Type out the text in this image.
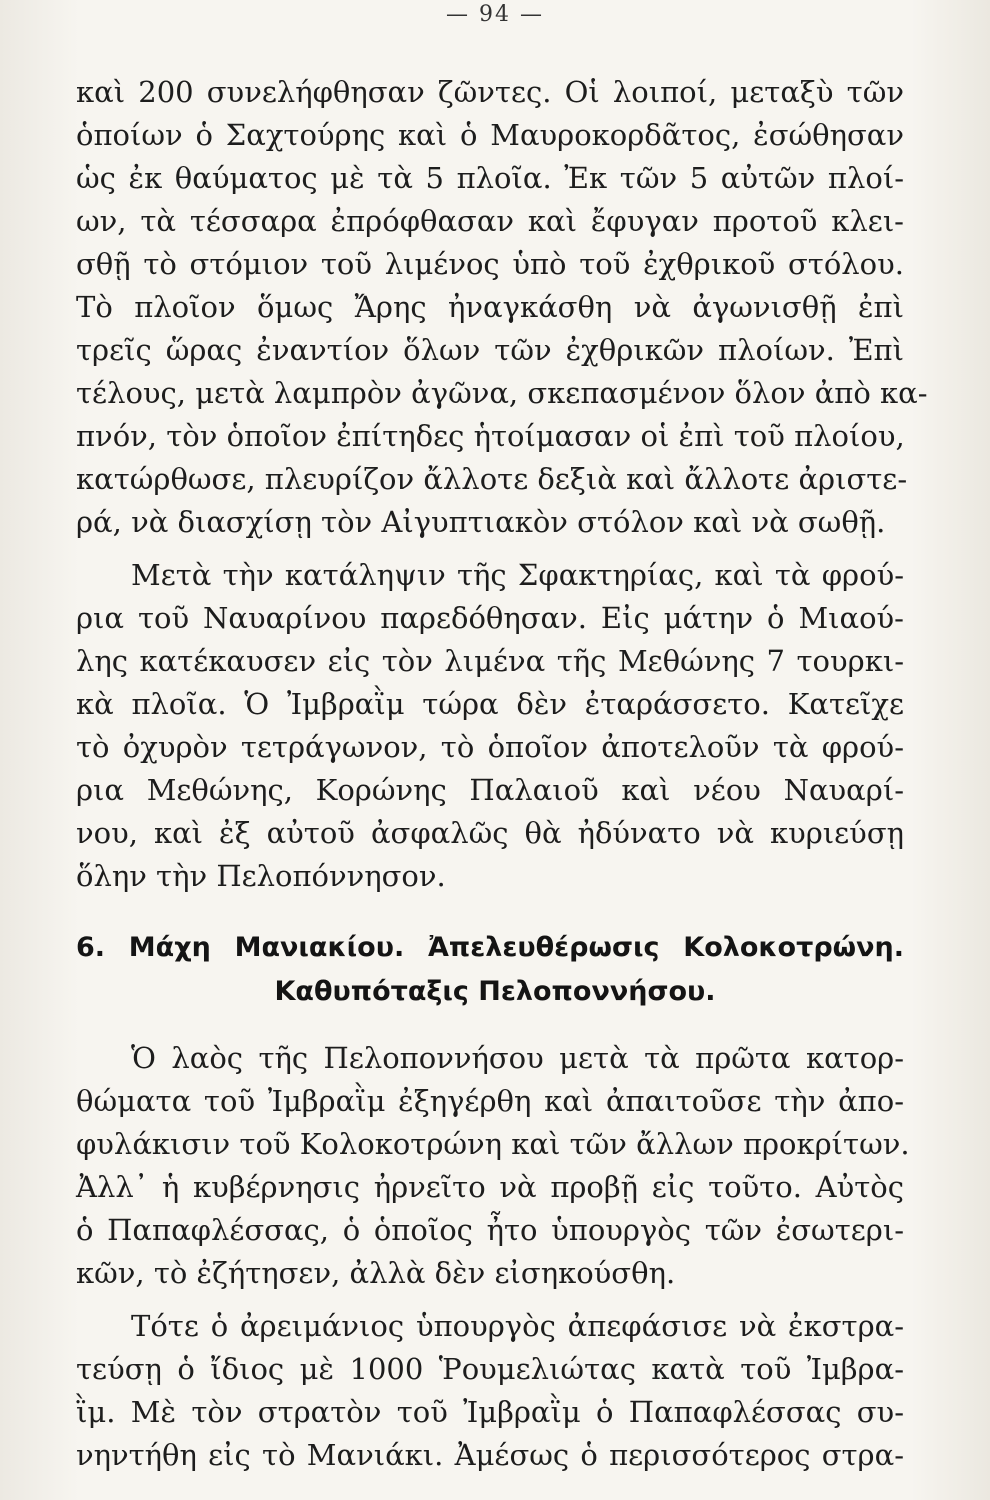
— 94 —
καὶ 200 συνελήφθησαν ζῶντες. Οἱ λοιποί, μεταξὺ τῶν
ὁποίων ὁ Σαχτούρης καὶ ὁ Μαυροκορδᾶτος, ἐσώθησαν
ὡς ἐκ θαύματος μὲ τὰ 5 πλοῖα. Ἐκ τῶν 5 αὐτῶν πλοί-
ων, τὰ τέσσαρα ἐπρόφθασαν καὶ ἔφυγαν προτοῦ κλει-
σθῇ τὸ στόμιον τοῦ λιμένος ὑπὸ τοῦ ἐχθρικοῦ στόλου.
Τὸ πλοῖον ὅμως Ἄρης ἠναγκάσθη νὰ ἀγωνισθῇ ἐπὶ
τρεῖς ὥρας ἐναντίον ὅλων τῶν ἐχθρικῶν πλοίων. Ἐπὶ
τέλους, μετὰ λαμπρὸν ἀγῶνα, σκεπασμένον ὅλον ἀπὸ κα-
πνόν, τὸν ὁποῖον ἐπίτηδες ἡτοίμασαν οἱ ἐπὶ τοῦ πλοίου,
κατώρθωσε, πλευρίζον ἄλλοτε δεξιὰ καὶ ἄλλοτε ἀριστε-
ρά, νὰ διασχίσῃ τὸν Αἰγυπτιακὸν στόλον καὶ νὰ σωθῇ.
Μετὰ τὴν κατάληψιν τῆς Σφακτηρίας, καὶ τὰ φρού-
ρια τοῦ Ναυαρίνου παρεδόθησαν. Εἰς μάτην ὁ Μιαού-
λης κατέκαυσεν εἰς τὸν λιμένα τῆς Μεθώνης 7 τουρκι-
κὰ πλοῖα. Ὁ Ἰμβραῒμ τώρα δὲν ἐταράσσετο. Κατεῖχε
τὸ ὀχυρὸν τετράγωνον, τὸ ὁποῖον ἀποτελοῦν τὰ φρού-
ρια Μεθώνης, Κορώνης Παλαιοῦ καὶ νέου Ναυαρί-
νου, καὶ ἐξ αὐτοῦ ἀσφαλῶς θὰ ἠδύνατο νὰ κυριεύσῃ
ὅλην τὴν Πελοπόννησον.
6. Μάχη Μανιακίου. Ἀπελευθέρωσις Κολοκοτρώνη.
Καθυπόταξις Πελοποννήσου.
Ὁ λαὸς τῆς Πελοποννήσου μετὰ τὰ πρῶτα κατορ-
θώματα τοῦ Ἰμβραῒμ ἐξηγέρθη καὶ ἀπαιτοῦσε τὴν ἀπο-
φυλάκισιν τοῦ Κολοκοτρώνη καὶ τῶν ἄλλων προκρίτων.
Ἀλλ᾽ ἡ κυβέρνησις ἠρνεῖτο νὰ προβῇ εἰς τοῦτο. Αὐτὸς
ὁ Παπαφλέσσας, ὁ ὁποῖος ἦτο ὑπουργὸς τῶν ἐσωτερι-
κῶν, τὸ ἐζήτησεν, ἀλλὰ δὲν εἰσηκούσθη.
Τότε ὁ ἀρειμάνιος ὑπουργὸς ἀπεφάσισε νὰ ἐκστρα-
τεύσῃ ὁ ἴδιος μὲ 1000 Ῥουμελιώτας κατὰ τοῦ Ἰμβρα-
ῒμ. Μὲ τὸν στρατὸν τοῦ Ἰμβραῒμ ὁ Παπαφλέσσας συ-
νηντήθη εἰς τὸ Μανιάκι. Ἀμέσως ὁ περισσότερος στρα-
